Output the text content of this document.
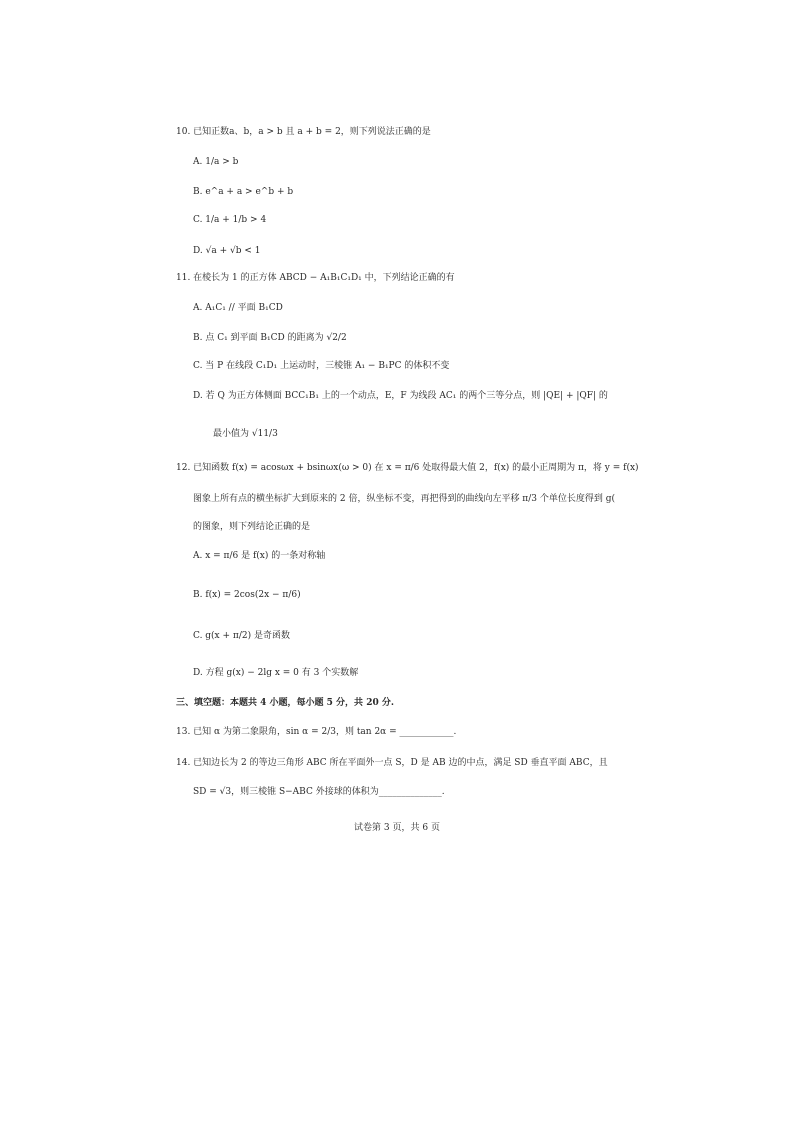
10. 已知正数a、b，a > b 且 a + b = 2，则下列说法正确的是
A. 1/a > b
B. e^a + a > e^b + b
C. 1/a + 1/b > 4
D. √a + √b < 1
11. 在棱长为 1 的正方体 ABCD − A₁B₁C₁D₁ 中，下列结论正确的有
A. A₁C₁ // 平面 B₁CD
B. 点 C₁ 到平面 B₁CD 的距离为 √2/2
C. 当 P 在线段 C₁D₁ 上运动时，三棱锥 A₁ − B₁PC 的体积不变
D. 若 Q 为正方体侧面 BCC₁B₁ 上的一个动点，E，F 为线段 AC₁ 的两个三等分点，则 |QE| + |QF| 的
最小值为 √11/3
12. 已知函数 f(x) = acosωx + bsinωx(ω > 0) 在 x = π/6 处取得最大值 2，f(x) 的最小正周期为 π，将 y = f(x)
图象上所有点的横坐标扩大到原来的 2 倍，纵坐标不变，再把得到的曲线向左平移 π/3 个单位长度得到 g(
的图象，则下列结论正确的是
A. x = π/6 是 f(x) 的一条对称轴
B. f(x) = 2cos(2x − π/6)
C. g(x + π/2) 是奇函数
D. 方程 g(x) − 2lg x = 0 有 3 个实数解
三、填空题：本题共 4 小题，每小题 5 分，共 20 分.
13. 已知 α 为第二象限角，sin α = 2/3，则 tan 2α = ____________.
14. 已知边长为 2 的等边三角形 ABC 所在平面外一点 S，D 是 AB 边的中点，满足 SD 垂直平面 ABC，且
SD = √3，则三棱锥 S−ABC 外接球的体积为______________.
试卷第 3 页，共 6 页
